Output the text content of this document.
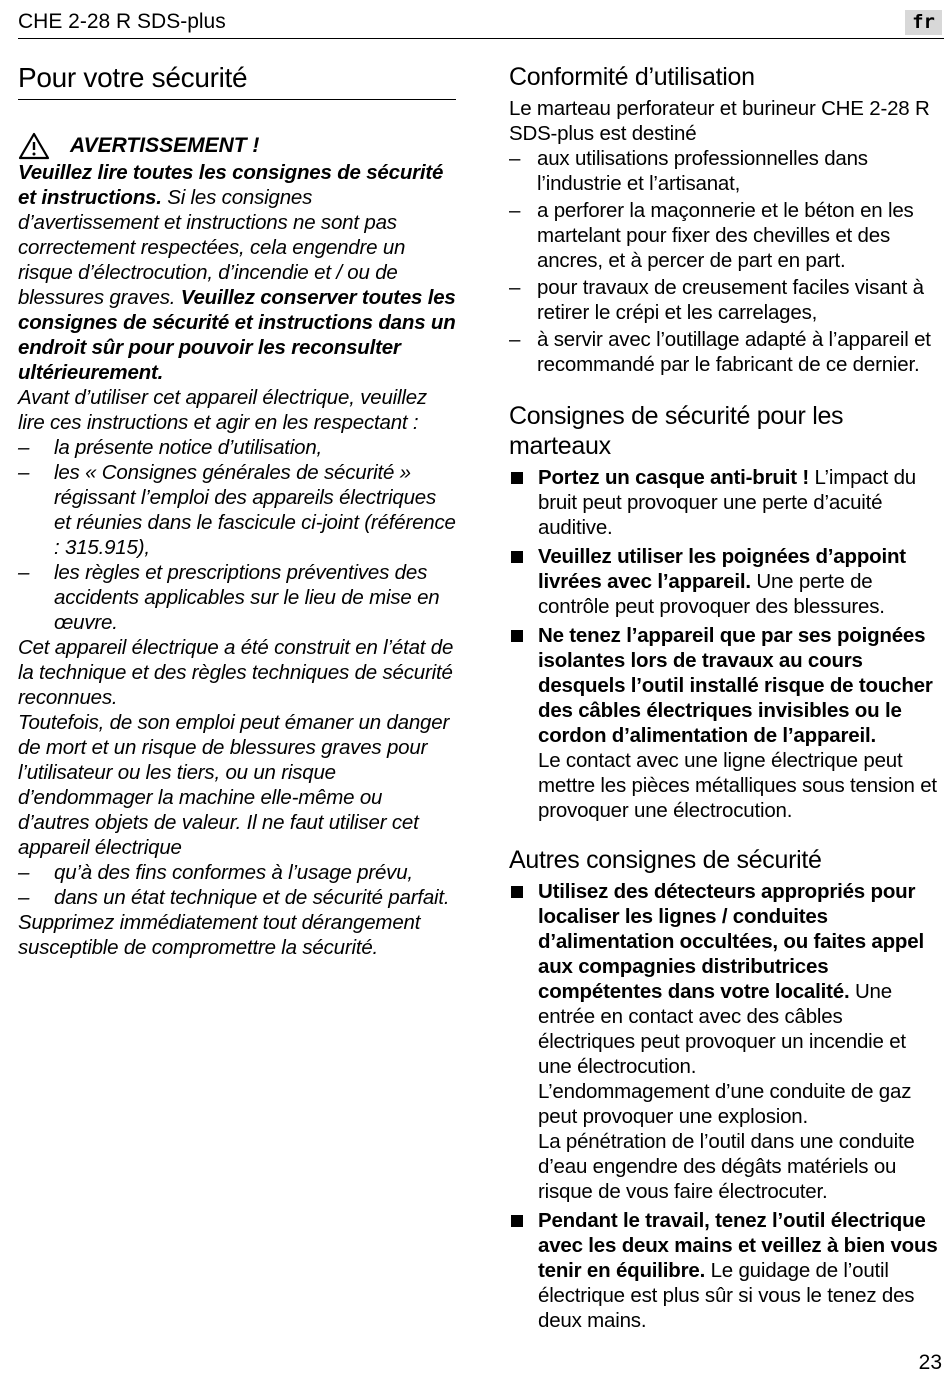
CHE 2-28 R SDS-plus	fr
Pour votre sécurité
AVERTISSEMENT !

Veuillez lire toutes les consignes de sécurité et instructions. Si les consignes d’avertissement et instructions ne sont pas correctement respectées, cela engendre un risque d’électrocution, d’incendie et / ou de blessures graves. Veuillez conserver toutes les consignes de sécurité et instructions dans un endroit sûr pour pouvoir les reconsulter ultérieurement.

Avant d’utiliser cet appareil électrique, veuillez lire ces instructions et agir en les respectant :

– la présente notice d’utilisation,
– les « Consignes générales de sécurité » régissant l’emploi des appareils électriques et réunies dans le fascicule ci-joint (référence : 315.915),
– les règles et prescriptions préventives des accidents applicables sur le lieu de mise en œuvre.

Cet appareil électrique a été construit en l’état de la technique et des règles techniques de sécurité reconnues.

Toutefois, de son emploi peut émaner un danger de mort et un risque de blessures graves pour l’utilisateur ou les tiers, ou un risque d’endommager la machine elle-même ou d’autres objets de valeur. Il ne faut utiliser cet appareil électrique

– qu’à des fins conformes à l’usage prévu,
– dans un état technique et de sécurité parfait.

Supprimez immédiatement tout dérangement susceptible de compromettre la sécurité.

Conformité d’utilisation

Le marteau perforateur et burineur CHE 2-28 R SDS-plus est destiné

– aux utilisations professionnelles dans l’industrie et l’artisanat,
– a perforer la maçonnerie et le béton en les martelant pour fixer des chevilles et des ancres, et à percer de part en part.
– pour travaux de creusement faciles visant à retirer le crépi et les carrelages,
– à servir avec l’outillage adapté à l’appareil et recommandé par le fabricant de ce dernier.
Consignes de sécurité pour les marteaux
Portez un casque anti-bruit ! L’impact du bruit peut provoquer une perte d’acuité auditive.
Veuillez utiliser les poignées d’appoint livrées avec l’appareil. Une perte de contrôle peut provoquer des blessures.
Ne tenez l’appareil que par ses poignées isolantes lors de travaux au cours desquels l’outil installé risque de toucher des câbles électriques invisibles ou le cordon d’alimentation de l’appareil.
Le contact avec une ligne électrique peut mettre les pièces métalliques sous tension et provoquer une électrocution.
Autres consignes de sécurité
Utilisez des détecteurs appropriés pour localiser les lignes / conduites d’alimentation occultées, ou faites appel aux compagnies distributrices compétentes dans votre localité. Une entrée en contact avec des câbles électriques peut provoquer un incendie et une électrocution.
L’endommagement d’une conduite de gaz peut provoquer une explosion.
La pénétration de l’outil dans une conduite d’eau engendre des dégâts matériels ou risque de vous faire électrocuter.
Pendant le travail, tenez l’outil électrique avec les deux mains et veillez à bien vous tenir en équilibre. Le guidage de l’outil électrique est plus sûr si vous le tenez des deux mains.
23
